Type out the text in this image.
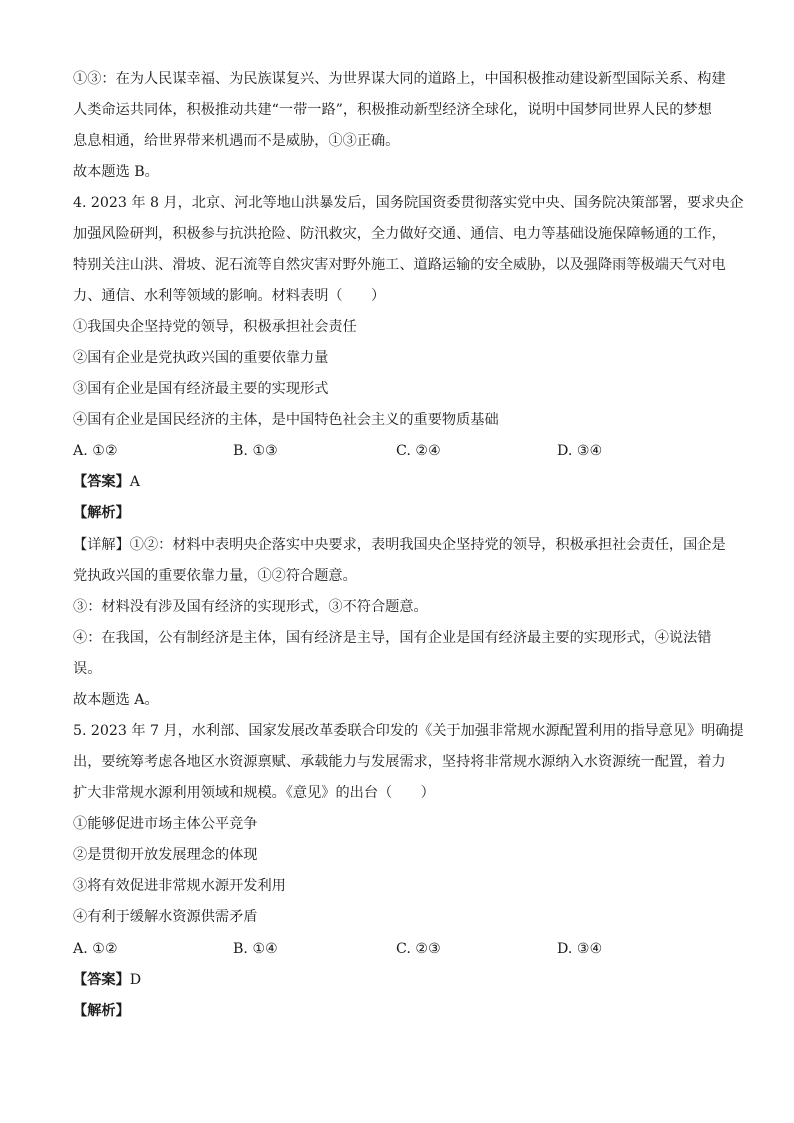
①③：在为人民谋幸福、为民族谋复兴、为世界谋大同的道路上，中国积极推动建设新型国际关系、构建
人类命运共同体，积极推动共建“一带一路”，积极推动新型经济全球化，说明中国梦同世界人民的梦想
息息相通，给世界带来机遇而不是威胁，①③正确。
故本题选 B。
4. 2023 年 8 月，北京、河北等地山洪暴发后，国务院国资委贯彻落实党中央、国务院决策部署，要求央企
加强风险研判，积极参与抗洪抢险、防汛救灾，全力做好交通、通信、电力等基础设施保障畅通的工作，
特别关注山洪、滑坡、泥石流等自然灾害对野外施工、道路运输的安全威胁，以及强降雨等极端天气对电
力、通信、水利等领域的影响。材料表明（　　）
①我国央企坚持党的领导，积极承担社会责任
②国有企业是党执政兴国的重要依靠力量
③国有企业是国有经济最主要的实现形式
④国有企业是国民经济的主体，是中国特色社会主义的重要物质基础
A. ①②	B. ①③	C. ②④	D. ③④
【答案】A
【解析】
【详解】①②：材料中表明央企落实中央要求，表明我国央企坚持党的领导，积极承担社会责任，国企是
党执政兴国的重要依靠力量，①②符合题意。
③：材料没有涉及国有经济的实现形式，③不符合题意。
④：在我国，公有制经济是主体，国有经济是主导，国有企业是国有经济最主要的实现形式，④说法错
误。
故本题选 A。
5. 2023 年 7 月，水利部、国家发展改革委联合印发的《关于加强非常规水源配置利用的指导意见》明确提
出，要统筹考虑各地区水资源禀赋、承载能力与发展需求，坚持将非常规水源纳入水资源统一配置，着力
扩大非常规水源利用领域和规模。《意见》的出台（　　）
①能够促进市场主体公平竞争
②是贯彻开放发展理念的体现
③将有效促进非常规水源开发利用
④有利于缓解水资源供需矛盾
A. ①②	B. ①④	C. ②③	D. ③④
【答案】D
【解析】
